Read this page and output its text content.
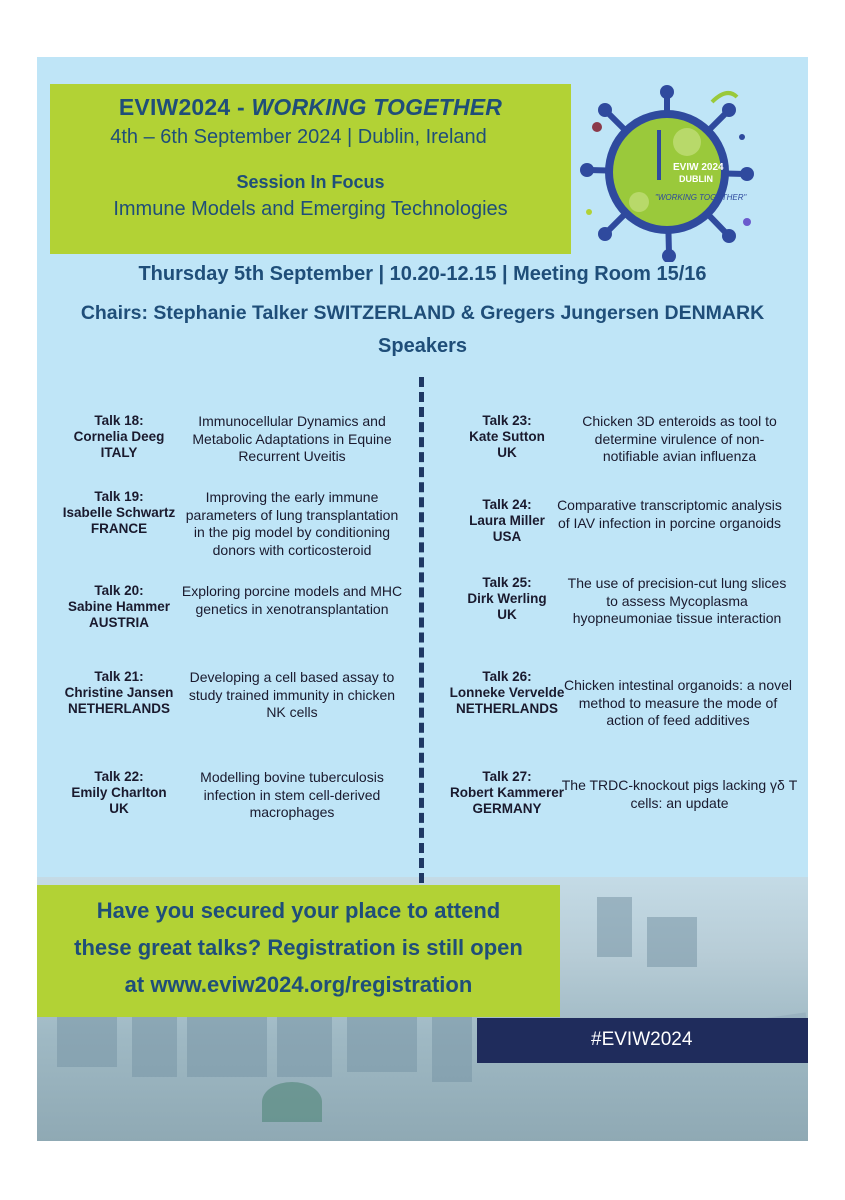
EVIW2024 - WORKING TOGETHER
4th – 6th September 2024 | Dublin, Ireland
Session In Focus
Immune Models and Emerging Technologies
EVIW 2024
DUBLIN
"WORKING TOGETHER"
Thursday 5th September | 10.20-12.15 | Meeting Room 15/16
Chairs: Stephanie Talker SWITZERLAND & Gregers Jungersen DENMARK
Speakers
Talk 18:
Cornelia Deeg
ITALY
Immunocellular Dynamics and
Metabolic Adaptations in Equine
Recurrent Uveitis
Talk 19:
Isabelle Schwartz
FRANCE
Improving the early immune
parameters of lung transplantation
in the pig model by conditioning
donors with corticosteroid
Talk 20:
Sabine Hammer
AUSTRIA
Exploring porcine models and MHC
genetics in xenotransplantation
Talk 21:
Christine Jansen
NETHERLANDS
Developing a cell based assay to
study trained immunity in chicken
NK cells
Talk 22:
Emily Charlton
UK
Modelling bovine tuberculosis
infection in stem cell-derived
macrophages
Talk 23:
Kate Sutton
UK
Chicken 3D enteroids as tool to
determine virulence of non-
notifiable avian influenza
Talk 24:
Laura Miller
USA
Comparative transcriptomic analysis
of IAV infection in porcine organoids
Talk 25:
Dirk Werling
UK
The use of precision-cut lung slices
to assess Mycoplasma
hyopneumoniae tissue interaction
Talk 26:
Lonneke Vervelde
NETHERLANDS
Chicken intestinal organoids: a novel
method to measure the mode of
action of feed additives
Talk 27:
Robert Kammerer
GERMANY
The TRDC-knockout pigs lacking γδ T
cells: an update
Have you secured your place to attend
these great talks? Registration is still open
at www.eviw2024.org/registration
#EVIW2024
